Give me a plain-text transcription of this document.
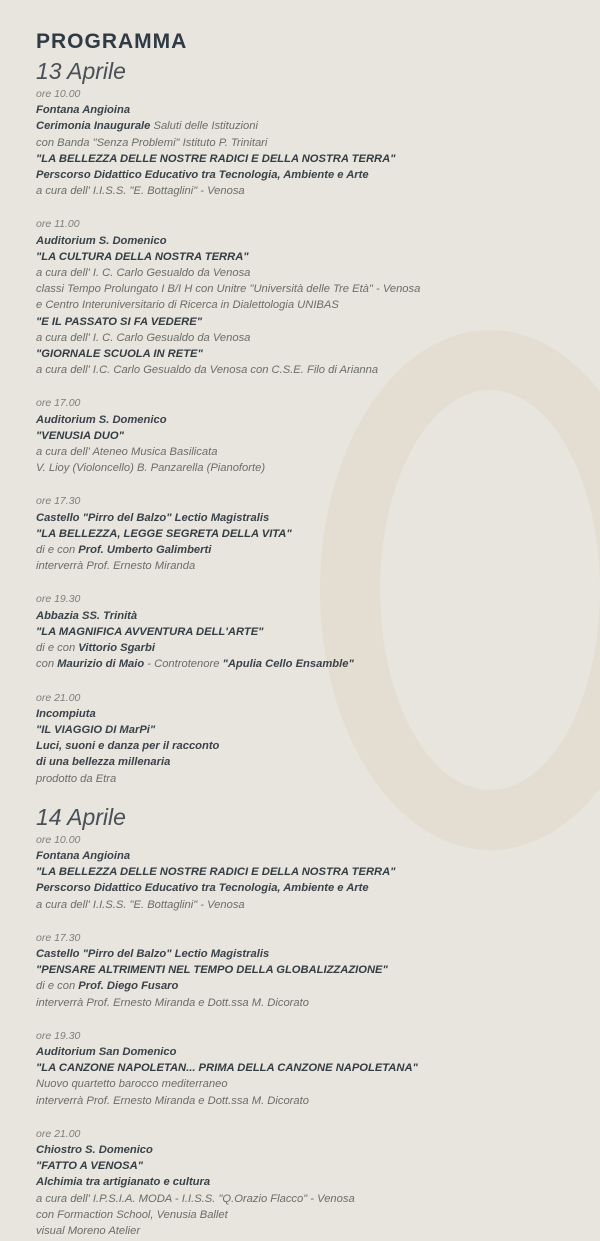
PROGRAMMA
13 Aprile
ore 10.00
Fontana Angioina
Cerimonia Inaugurale Saluti delle Istituzioni
con Banda "Senza Problemi" Istituto P. Trinitari
"LA BELLEZZA DELLE NOSTRE RADICI E DELLA NOSTRA TERRA"
Perscorso Didattico Educativo tra Tecnologia, Ambiente e Arte
a cura dell' I.I.S.S. "E. Bottaglini" - Venosa
ore 11.00
Auditorium S. Domenico
"LA CULTURA DELLA NOSTRA TERRA"
a cura dell' I. C. Carlo Gesualdo da Venosa
classi Tempo Prolungato I B/I H con Unitre "Università delle Tre Età" - Venosa
e Centro Interuniversitario di Ricerca in Dialettologia UNIBAS
"E IL PASSATO SI FA VEDERE"
a cura dell' I. C. Carlo Gesualdo da Venosa
"GIORNALE SCUOLA IN RETE"
a cura dell' I.C. Carlo Gesualdo da Venosa con C.S.E. Filo di Arianna
ore 17.00
Auditorium S. Domenico
"VENUSIA DUO"
a cura dell' Ateneo Musica Basilicata
V. Lioy (Violoncello) B. Panzarella (Pianoforte)
ore 17.30
Castello "Pirro del Balzo" Lectio Magistralis
"LA BELLEZZA, LEGGE SEGRETA DELLA VITA"
di e con Prof. Umberto Galimberti
interverrà Prof. Ernesto Miranda
ore 19.30
Abbazia SS. Trinità
"LA MAGNIFICA AVVENTURA DELL'ARTE"
di e con Vittorio Sgarbi
con Maurizio di Maio - Controtenore "Apulia Cello Ensamble"
ore 21.00
Incompiuta
"IL VIAGGIO DI MarPi"
Luci, suoni e danza per il racconto
di una bellezza millenaria
prodotto da Etra
14 Aprile
ore 10.00
Fontana Angioina
"LA BELLEZZA DELLE NOSTRE RADICI E DELLA NOSTRA TERRA"
Perscorso Didattico Educativo tra Tecnologia, Ambiente e Arte
a cura dell' I.I.S.S. "E. Bottaglini" - Venosa
ore 17.30
Castello "Pirro del Balzo" Lectio Magistralis
"PENSARE ALTRIMENTI NEL TEMPO DELLA GLOBALIZZAZIONE"
di e con Prof. Diego Fusaro
interverrà Prof. Ernesto Miranda e Dott.ssa M. Dicorato
ore 19.30
Auditorium San Domenico
"LA CANZONE NAPOLETAN... PRIMA DELLA CANZONE NAPOLETANA"
Nuovo quartetto barocco mediterraneo
interverrà Prof. Ernesto Miranda e Dott.ssa M. Dicorato
ore 21.00
Chiostro S. Domenico
"FATTO A VENOSA"
Alchimia tra artigianato e cultura
a cura dell' I.P.S.I.A. MODA - I.I.S.S. "Q.Orazio Flacco" - Venosa
con Formaction School, Venusia Ballet
visual Moreno Atelier
